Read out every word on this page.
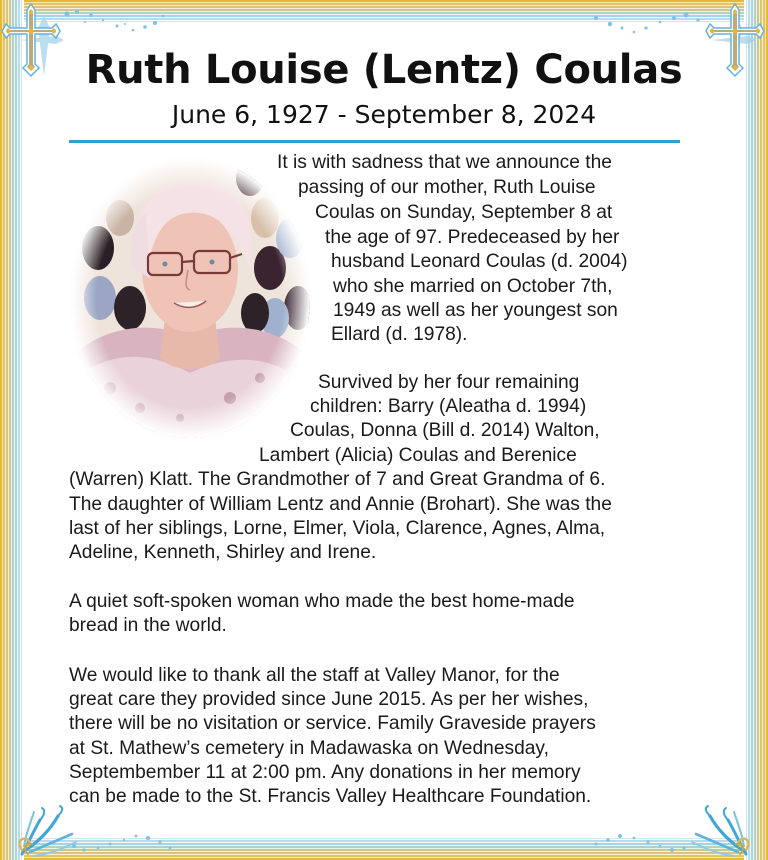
Ruth Louise (Lentz) Coulas
June 6, 1927 - September 8, 2024
It is with sadness that we announce the
passing of our mother, Ruth Louise
Coulas on Sunday, September 8 at
the age of 97. Predeceased by her
husband Leonard Coulas (d. 2004)
who she married on October 7th,
1949 as well as her youngest son
Ellard (d. 1978).
Survived by her four remaining
children: Barry (Aleatha d. 1994)
Coulas, Donna (Bill d. 2014) Walton,
Lambert (Alicia) Coulas and Berenice
(Warren) Klatt. The Grandmother of 7 and Great Grandma of 6.
The daughter of William Lentz and Annie (Brohart). She was the
last of her siblings, Lorne, Elmer, Viola, Clarence, Agnes, Alma,
Adeline, Kenneth, Shirley and Irene.
A quiet soft-spoken woman who made the best home-made
bread in the world.
We would like to thank all the staff at Valley Manor, for the
great care they provided since June 2015. As per her wishes,
there will be no visitation or service. Family Graveside prayers
at St. Mathew’s cemetery in Madawaska on Wednesday,
Septembember 11 at 2:00 pm. Any donations in her memory
can be made to the St. Francis Valley Healthcare Foundation.
